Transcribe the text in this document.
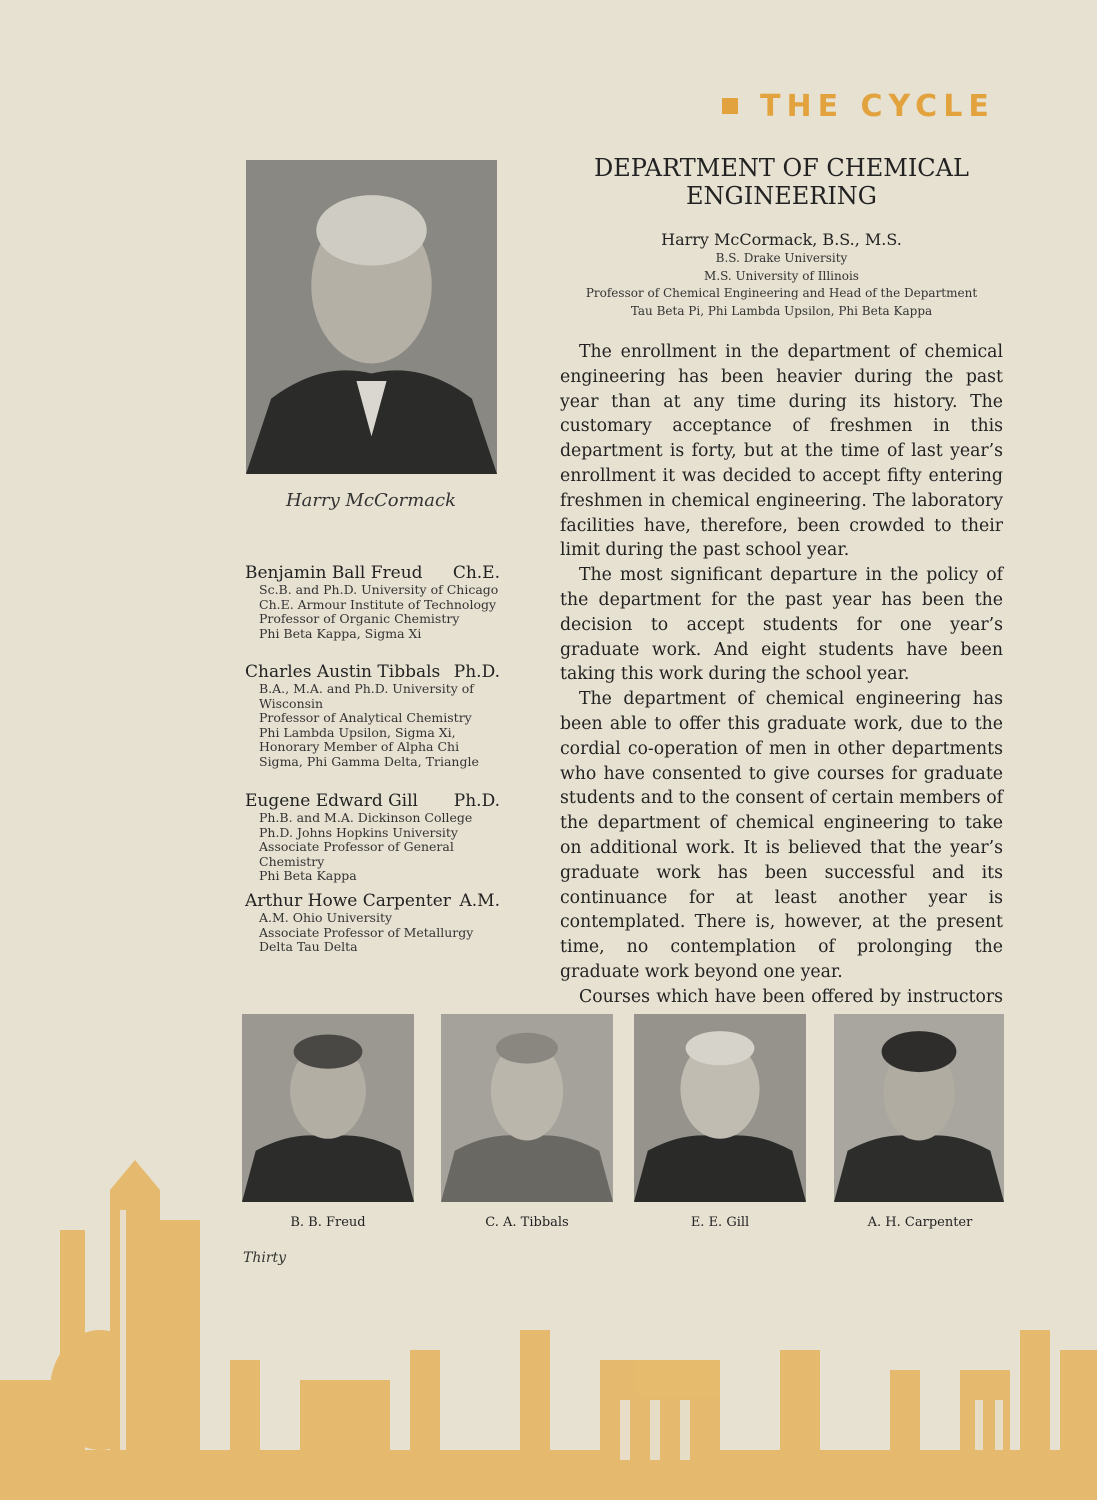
THE CYCLE
Harry McCormack
Benjamin Ball Freud Ch.E.
Sc.B. and Ph.D. University of Chicago
Ch.E. Armour Institute of Technology
Professor of Organic Chemistry
Phi Beta Kappa, Sigma Xi
Charles Austin Tibbals Ph.D.
B.A., M.A. and Ph.D. University of Wisconsin
Professor of Analytical Chemistry
Phi Lambda Upsilon, Sigma Xi, Honorary Member of Alpha Chi Sigma, Phi Gamma Delta, Triangle
Eugene Edward Gill Ph.D.
Ph.B. and M.A. Dickinson College
Ph.D. Johns Hopkins University
Associate Professor of General Chemistry
Phi Beta Kappa
Arthur Howe Carpenter A.M.
A.M. Ohio University
Associate Professor of Metallurgy
Delta Tau Delta
DEPARTMENT OF CHEMICAL
ENGINEERING
Harry McCormack, B.S., M.S.
B.S. Drake University
M.S. University of Illinois
Professor of Chemical Engineering and Head of the Department
Tau Beta Pi, Phi Lambda Upsilon, Phi Beta Kappa

The enrollment in the department of chemical engineering has been heavier during the past year than at any time during its history. The customary acceptance of freshmen in this department is forty, but at the time of last year’s enrollment it was decided to accept fifty entering freshmen in chemical engineering. The laboratory facilities have, therefore, been crowded to their limit during the past school year.

The most significant departure in the policy of the department for the past year has been the decision to accept students for one year’s graduate work. And eight students have been taking this work during the school year.

The department of chemical engineering has been able to offer this graduate work, due to the cordial co-operation of men in other departments who have consented to give courses for graduate students and to the consent of certain members of the department of chemical engineering to take on additional work. It is believed that the year’s graduate work has been successful and its continuance for at least another year is contemplated. There is, however, at the present time, no contemplation of prolonging the graduate work beyond one year.

Courses which have been offered by instructors

B. B. Freud	C. A. Tibbals	E. E. Gill	A. H. Carpenter
Thirty
